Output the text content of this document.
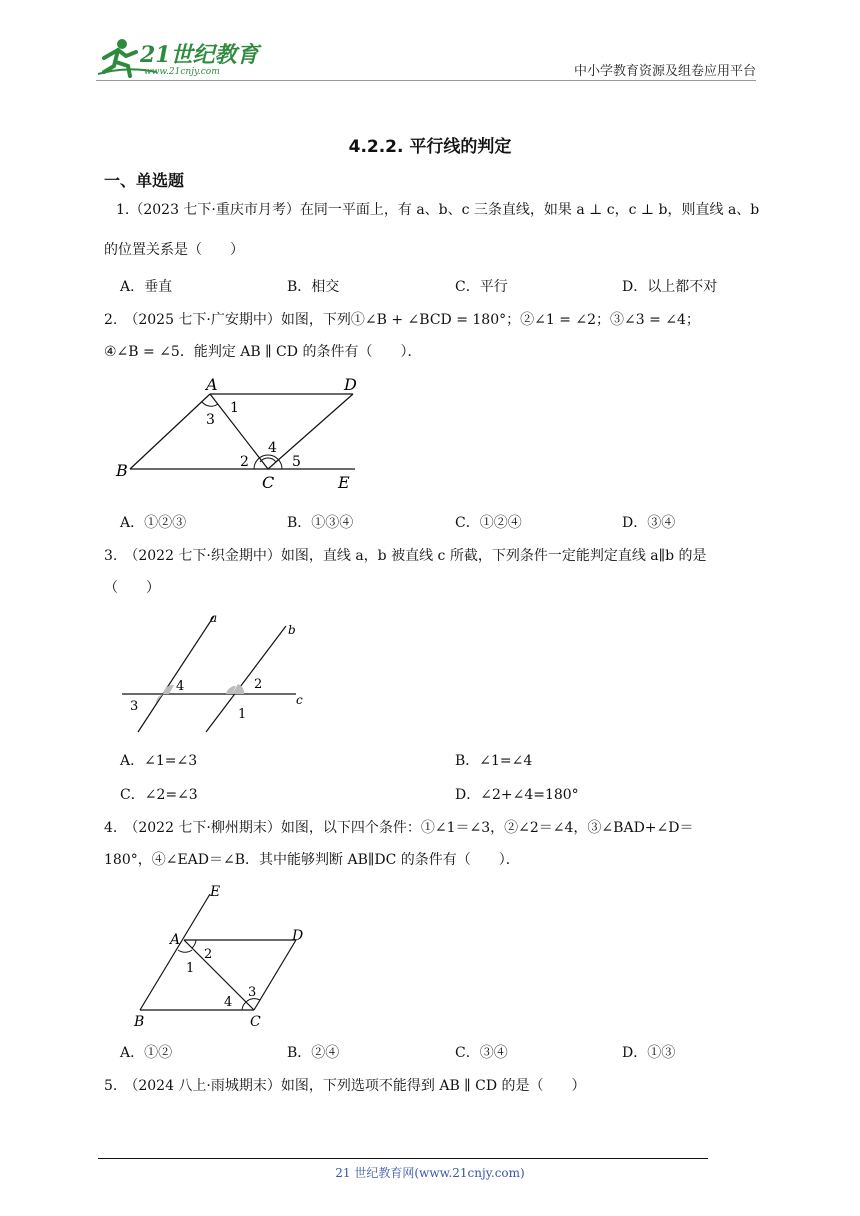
21世纪教育
www.21cnjy.com	中小学教育资源及组卷应用平台
4.2.2. 平行线的判定
一、单选题
1.（2023 七下·重庆市月考）在同一平面上，有 a、b、c 三条直线，如果 a ⊥ c，c ⊥ b，则直线 a、b
的位置关系是（　　）
A．垂直	B．相交	C．平行	D．以上都不对
2.　（2025 七下·广安期中）如图，下列①∠B + ∠BCD = 180°；②∠1 = ∠2；③∠3 = ∠4；
④∠B = ∠5．能判定 AB ∥ CD 的条件有（　　）．
A	D
1
3
4
2	5
B
C	E
A．①②③	B．①③④	C．①②④	D．③④
3.　（2022 七下·织金期中）如图，直线 a，b 被直线 c 所截，下列条件一定能判定直线 a∥b 的是
（　　）
a
b
c
4	2
3
1
A．∠1=∠3	B．∠1=∠4
C．∠2=∠3	D．∠2+∠4=180°
4.　（2022 七下·柳州期末）如图，以下四个条件：①∠1＝∠3，②∠2＝∠4，③∠BAD+∠D＝
180°，④∠EAD＝∠B．其中能够判断 AB∥DC 的条件有（　　）．
E
A	D
2
1
4
3
B	C
A．①②	B．②④	C．③④	D．①③
5.　（2024 八上·雨城期末）如图，下列选项不能得到 AB ∥ CD 的是（　　）
21 世纪教育网(www.21cnjy.com)
